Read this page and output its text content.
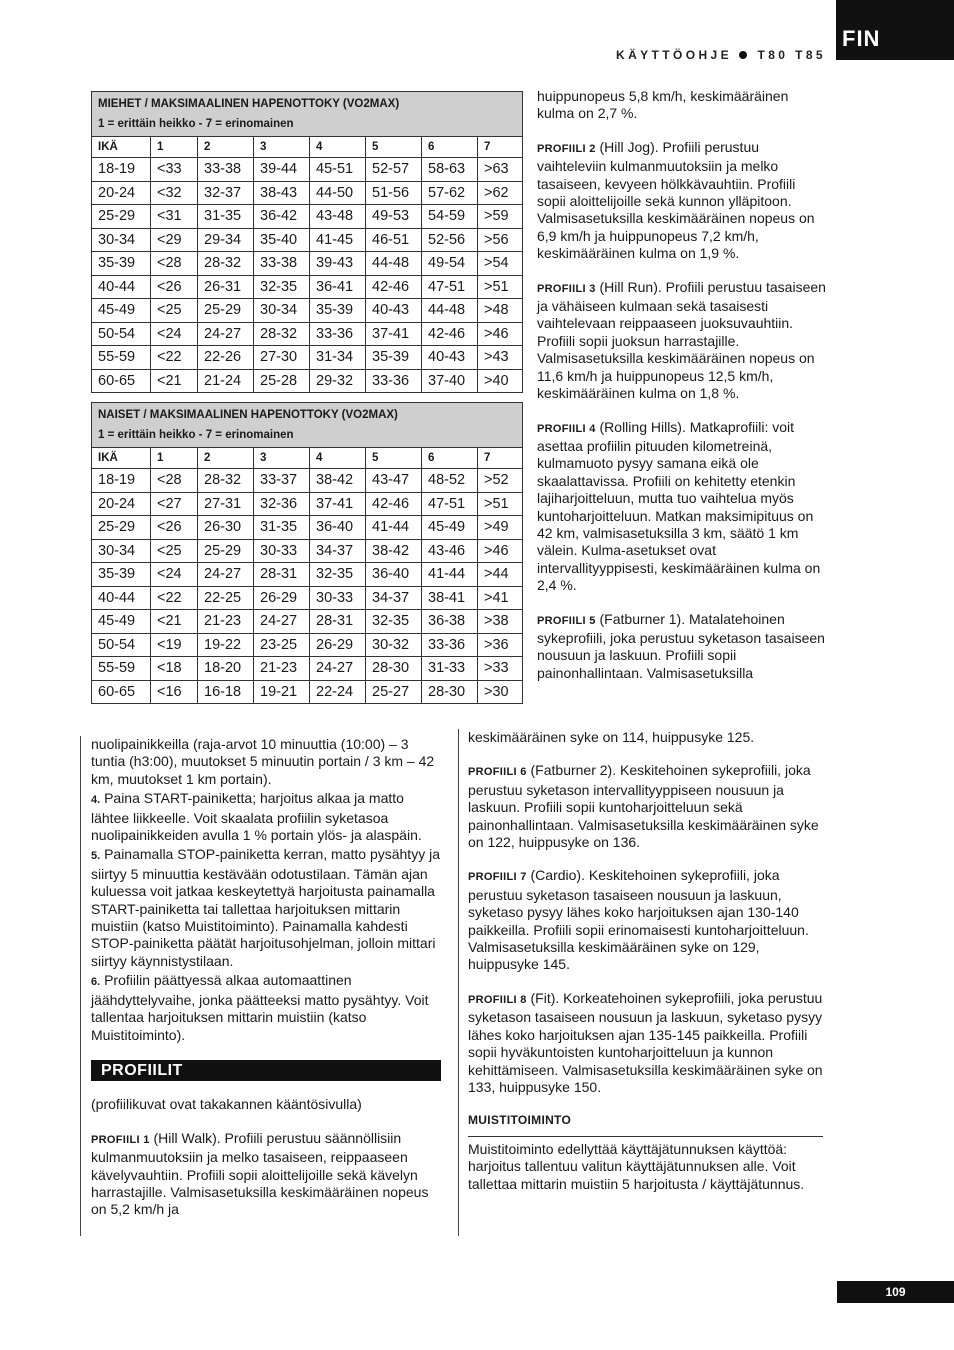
FIN
KÄYTTÖOHJE T80 T85
MIEHET / MAKSIMAALINEN HAPENOTTOKY (VO2MAX)
1 = erittäin heikko - 7 = erinomainen							

IKÄ	1	2	3	4	5	6	7
18-19	<33	33-38	39-44	45-51	52-57	58-63	>63
20-24	<32	32-37	38-43	44-50	51-56	57-62	>62
25-29	<31	31-35	36-42	43-48	49-53	54-59	>59
30-34	<29	29-34	35-40	41-45	46-51	52-56	>56
35-39	<28	28-32	33-38	39-43	44-48	49-54	>54
40-44	<26	26-31	32-35	36-41	42-46	47-51	>51
45-49	<25	25-29	30-34	35-39	40-43	44-48	>48
50-54	<24	24-27	28-32	33-36	37-41	42-46	>46
55-59	<22	22-26	27-30	31-34	35-39	40-43	>43
60-65	<21	21-24	25-28	29-32	33-36	37-40	>40
NAISET / MAKSIMAALINEN HAPENOTTOKY (VO2MAX)
1 = erittäin heikko - 7 = erinomainen							

IKÄ	1	2	3	4	5	6	7
18-19	<28	28-32	33-37	38-42	43-47	48-52	>52
20-24	<27	27-31	32-36	37-41	42-46	47-51	>51
25-29	<26	26-30	31-35	36-40	41-44	45-49	>49
30-34	<25	25-29	30-33	34-37	38-42	43-46	>46
35-39	<24	24-27	28-31	32-35	36-40	41-44	>44
40-44	<22	22-25	26-29	30-33	34-37	38-41	>41
45-49	<21	21-23	24-27	28-31	32-35	36-38	>38
50-54	<19	19-22	23-25	26-29	30-32	33-36	>36
55-59	<18	18-20	21-23	24-27	28-30	31-33	>33
60-65	<16	16-18	19-21	22-24	25-27	28-30	>30

huippunopeus 5,8 km/h, keskimääräinen kulma on 2,7 %.

PROFIILI 2 (Hill Jog). Profiili perustuu vaihteleviin kulmanmuutoksiin ja melko tasaiseen, kevyeen hölkkävauhtiin. Profiili sopii aloittelijoille sekä kunnon ylläpitoon. Valmisasetuksilla keskimääräinen nopeus on 6,9 km/h ja huippunopeus 7,2 km/h, keskimääräinen kulma on 1,9 %.

PROFIILI 3 (Hill Run). Profiili perustuu tasaiseen ja vähäiseen kulmaan sekä tasaisesti vaihtelevaan reippaaseen juoksuvauhtiin. Profiili sopii juoksun harrastajille. Valmisasetuksilla keskimääräinen nopeus on 11,6 km/h ja huippunopeus 12,5 km/h, keskimääräinen kulma on 1,8 %.

PROFIILI 4 (Rolling Hills). Matkaprofiili: voit asettaa profiilin pituuden kilometreinä, kulmamuoto pysyy samana eikä ole skaalattavissa. Profiili on kehitetty etenkin lajiharjoitteluun, mutta tuo vaihtelua myös kuntoharjoitteluun. Matkan maksimipituus on 42 km, valmisasetuksilla 3 km, säätö 1 km välein. Kulma-asetukset ovat intervallityyppisesti, keskimääräinen kulma on 2,4 %.

PROFIILI 5 (Fatburner 1). Matalatehoinen sykeprofiili, joka perustuu syketason tasaiseen nousuun ja laskuun. Profiili sopii painonhallintaan. Valmisasetuksilla

nuolipainikkeilla (raja-arvot 10 minuuttia (10:00) – 3 tuntia (h3:00), muutokset 5 minuutin portain / 3 km – 42 km, muutokset 1 km portain).

4. Paina START-painiketta; harjoitus alkaa ja matto lähtee liikkeelle. Voit skaalata profiilin syketasoa nuolipainikkeiden avulla 1 % portain ylös- ja alaspäin.

5. Painamalla STOP-painiketta kerran, matto pysähtyy ja siirtyy 5 minuuttia kestävään odotustilaan. Tämän ajan kuluessa voit jatkaa keskeytettyä harjoitusta painamalla START-painiketta tai tallettaa harjoituksen mittarin muistiin (katso Muistitoiminto). Painamalla kahdesti STOP-painiketta päätät harjoitusohjelman, jolloin mittari siirtyy käynnistystilaan.

6. Profiilin päättyessä alkaa automaattinen jäähdyttelyvaihe, jonka päätteeksi matto pysähtyy. Voit tallentaa harjoituksen mittarin muistiin (katso Muistitoiminto).

PROFIILIT

(profiilikuvat ovat takakannen kääntösivulla)

PROFIILI 1 (Hill Walk). Profiili perustuu säännöllisiin kulmanmuutoksiin ja melko tasaiseen, reippaaseen kävelyvauhtiin. Profiili sopii aloittelijoille sekä kävelyn harrastajille. Valmisasetuksilla keskimääräinen nopeus on 5,2 km/h ja

keskimääräinen syke on 114, huippusyke 125.

PROFIILI 6 (Fatburner 2). Keskitehoinen sykeprofiili, joka perustuu syketason intervallityyppiseen nousuun ja laskuun. Profiili sopii kuntoharjoitteluun sekä painonhallintaan. Valmisasetuksilla keskimääräinen syke on 122, huippusyke on 136.

PROFIILI 7 (Cardio). Keskitehoinen sykeprofiili, joka perustuu syketason tasaiseen nousuun ja laskuun, syketaso pysyy lähes koko harjoituksen ajan 130-140 paikkeilla. Profiili sopii erinomaisesti kuntoharjoitteluun. Valmisasetuksilla keskimääräinen syke on 129, huippusyke 145.

PROFIILI 8 (Fit). Korkeatehoinen sykeprofiili, joka perustuu syketason tasaiseen nousuun ja laskuun, syketaso pysyy lähes koko harjoituksen ajan 135-145 paikkeilla. Profiili sopii hyväkuntoisten kuntoharjoitteluun ja kunnon kehittämiseen. Valmisasetuksilla keskimääräinen syke on 133, huippusyke 150.

MUISTITOIMINTO

Muistitoiminto edellyttää käyttäjätunnuksen käyttöä: harjoitus tallentuu valitun käyttäjätunnuksen alle. Voit tallettaa mittarin muistiin 5 harjoitusta / käyttäjätunnus.

109
